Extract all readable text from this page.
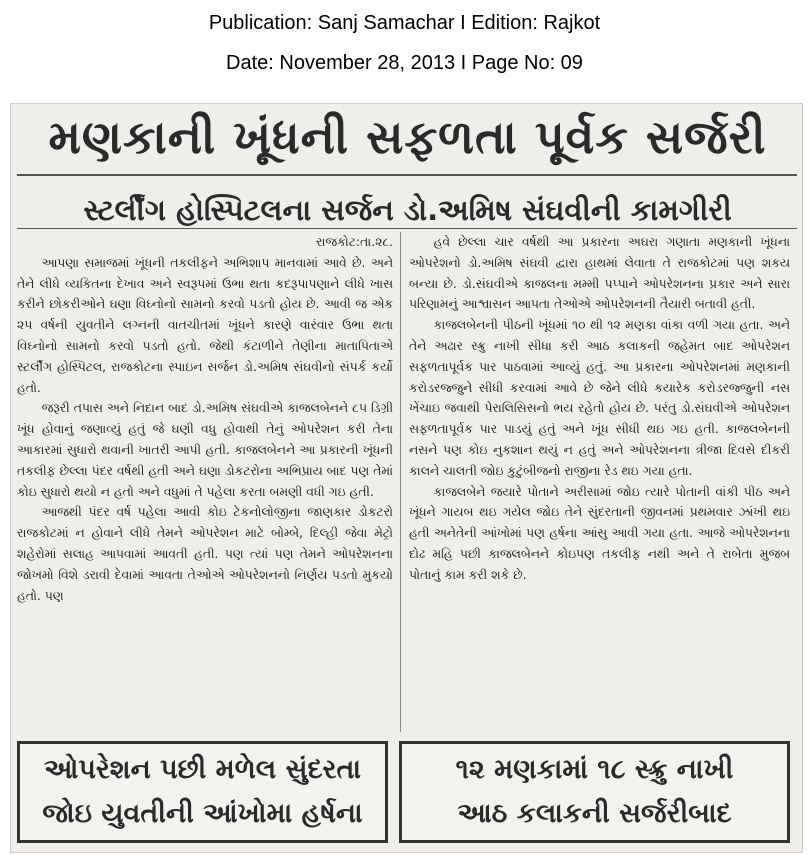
Publication: Sanj Samachar I Edition: Rajkot
Date: November 28, 2013 I Page No: 09
મણકાની ખૂંધની સફળતા પૂર્વક સર્જરી
સ્ટર્લીંગ હોસ્પિટલના સર્જન ડો.અમિષ સંઘવીની કામગીરી

રાજકોટ:તા.૨૮.

આપણા સમાજમાં ખૂંધની તકલીફને અભિશાપ માનવામાં આવે છે. અને તેને લીધે વ્યકિતના દેખાવ અને સ્વરૂપમાં ઉભા થતા કદરૂપાપણાને લીધે ખાસ કરીને છોકરીઓને ઘણા વિઘ્નોનો સામનો કરવો પડતો હોય છે. આવી જ એક ૨૫ વર્ષની યુવતીને લગ્નની વાતચીતમાં ખૂંધને કારણે વારંવાર ઉભા થતા વિઘ્નોનો સામનો કરવો પડતો હતો. જેથી કંટાળીને તેણીના માતાપિતાએ સ્ટર્લીંગ હોસ્પિટલ, રાજકોટના સ્પાઇન સર્જન ડો.અમિષ સંઘવીનો સંપર્ક કર્યો હતો.

જરૂરી તપાસ અને નિદાન બાદ ડો.અમિષ સંઘવીએ કાજલબેનને ૮૫ ડિગ્રી ખૂંધ હોવાનું જણાવ્યું હતું જે ઘણી વધુ હોવાથી તેનું ઓપરેશન કરી તેના આકારમાં સુધારો થવાની ખાતરી આપી હતી. કાજલબેનને આ પ્રકારની ખૂંધની તકલીફ છેલ્લા પંદર વર્ષથી હતી અને ઘણા ડોકટરોના અભિપ્રાય બાદ પણ તેમાં કોઇ સુધારો થયો ન હતો અને વધુમાં તે પહેલા કરતા બમણી વધી ગઇ હતી.

આજથી પંદર વર્ષ પહેલા આવી કોઇ ટેકનોલોજીના જાણકાર ડોકટરો રાજકોટમાં ન હોવાને લીધે તેમને ઓપરેશન માટે બોમ્બે, દિલ્હી જેવા મેટ્રો શહેરોમાં સલાહ આપવામાં આવતી હતી. પણ ત્યાં પણ તેમને ઓપરેશનના જોખમો વિશે ડરાવી દેવામાં આવતા તેઓએ ઓપરેશનનો નિર્ણય પડતો મુકયો હતો. પણ

હવે છેલ્લા ચાર વર્ષથી આ પ્રકારના અઘરા ગણાતા મણકાની ખૂંધના ઓપરેશનો ડો.અમિષ સંઘવી દ્વારા હાથમાં લેવાતા તે રાજકોટમાં પણ શકય બન્યા છે. ડો.સંઘવીએ કાજલના મમ્મી પપ્પાને ઓપરેશનના પ્રકાર અને સારા પરિણામનું આશ્વાસન આપતા તેઓએ ઓપરેશનની તૈયારી બતાવી હતી.

કાજલબેનની પીઠની ખૂંધમાં ૧૦ થી ૧૨ મણકા વાંકા વળી ગયા હતા. અને તેને અઢાર સ્ક્રુ નાખી સીધા કરી આઠ કલાકની જહેમત બાદ ઓપરેશન સફળતાપૂર્વક પાર પાઠવામાં આવ્યું હતું. આ પ્રકારના ઓપરેશનમાં મણકાની કરોડરજ્જુને સીધી કરવામાં આવે છે જેને લીધે કયારેક કરોડરજ્જુની નસ ખેંચાઇ જવાથી પેરાલિસિસનો ભય રહેતો હોય છે. પરંતુ ડો.સંઘવીએ ઓપરેશન સફળતાપૂર્વક પાર પાડયું હતું અને ખૂંધ સીધી થઇ ગઇ હતી. કાજલબેનની નસને પણ કોઇ નુકશાન થયું ન હતું અને ઓપરેશનના ત્રીજા દિવસે દીકરી કાલને ચાલતી જોઇ કુટુંબીજનો રાજીના રેડ થઇ ગયા હતા.

કાજલબેને જયારે પોતાને અરીસામાં જોઇ ત્યારે પોતાની વાંકી પીઠ અને ખૂંધને ગાયબ થઇ ગયેલ જોઇ તેને સુંદરતાની જીવનમાં પ્રથમવાર ઝાંખી થઇ હતી અનેતેની આંખોમાં પણ હર્ષના આંસુ આવી ગયા હતા. આજે ઓપરેશનના દોઢ મહિ પછી કાજલબેનને કોઇપણ તકલીફ નથી અને તે રાબેતા મુજબ પોતાનું કામ કરી શકે છે.

ઓપરેશન પછી મળેલ સુંદરતા
જોઇ યુવતીની આંખોમા હર્ષના
૧૨ મણકામાં ૧૮ સ્ક્રુ નાખી
આઠ કલાકની સર્જરીબાદ
